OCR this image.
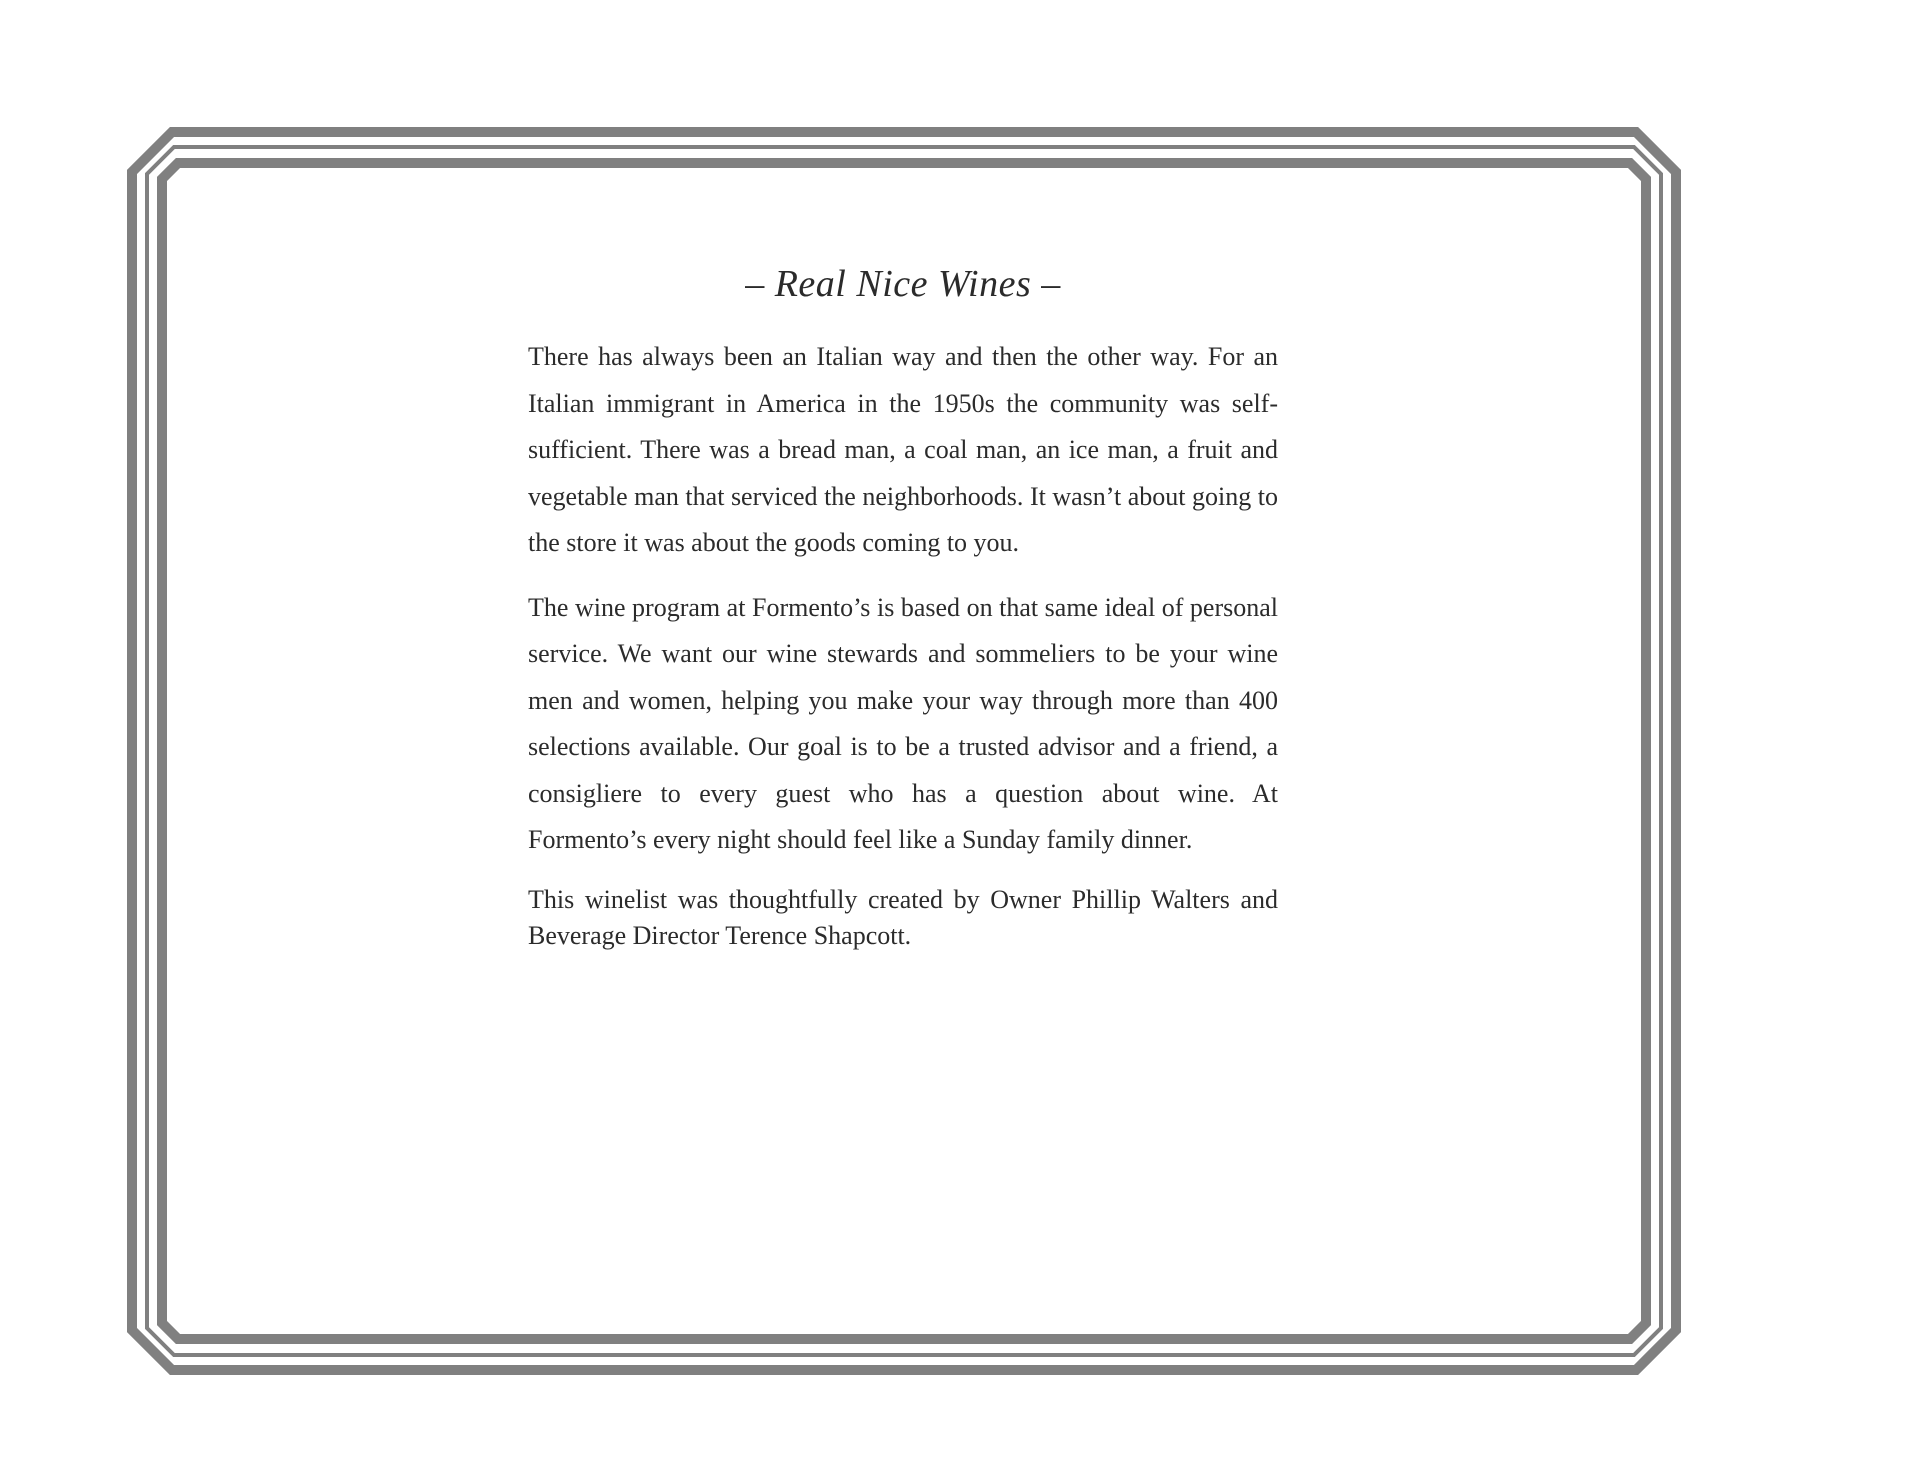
– Real Nice Wines –

There has always been an Italian way and then the other way. For an Italian immigrant in America in the 1950s the community was self-sufficient. There was a bread man, a coal man, an ice man, a fruit and vegetable man that serviced the neighborhoods. It wasn’t about going to the store it was about the goods coming to you.

The wine program at Formento’s is based on that same ideal of personal service. We want our wine stewards and sommeliers to be your wine men and women, helping you make your way through more than 400 selections available. Our goal is to be a trusted advisor and a friend, a consigliere to every guest who has a question about wine. At Formento’s every night should feel like a Sunday family dinner.

This winelist was thoughtfully created by Owner Phillip Walters and Beverage Director Terence Shapcott.
